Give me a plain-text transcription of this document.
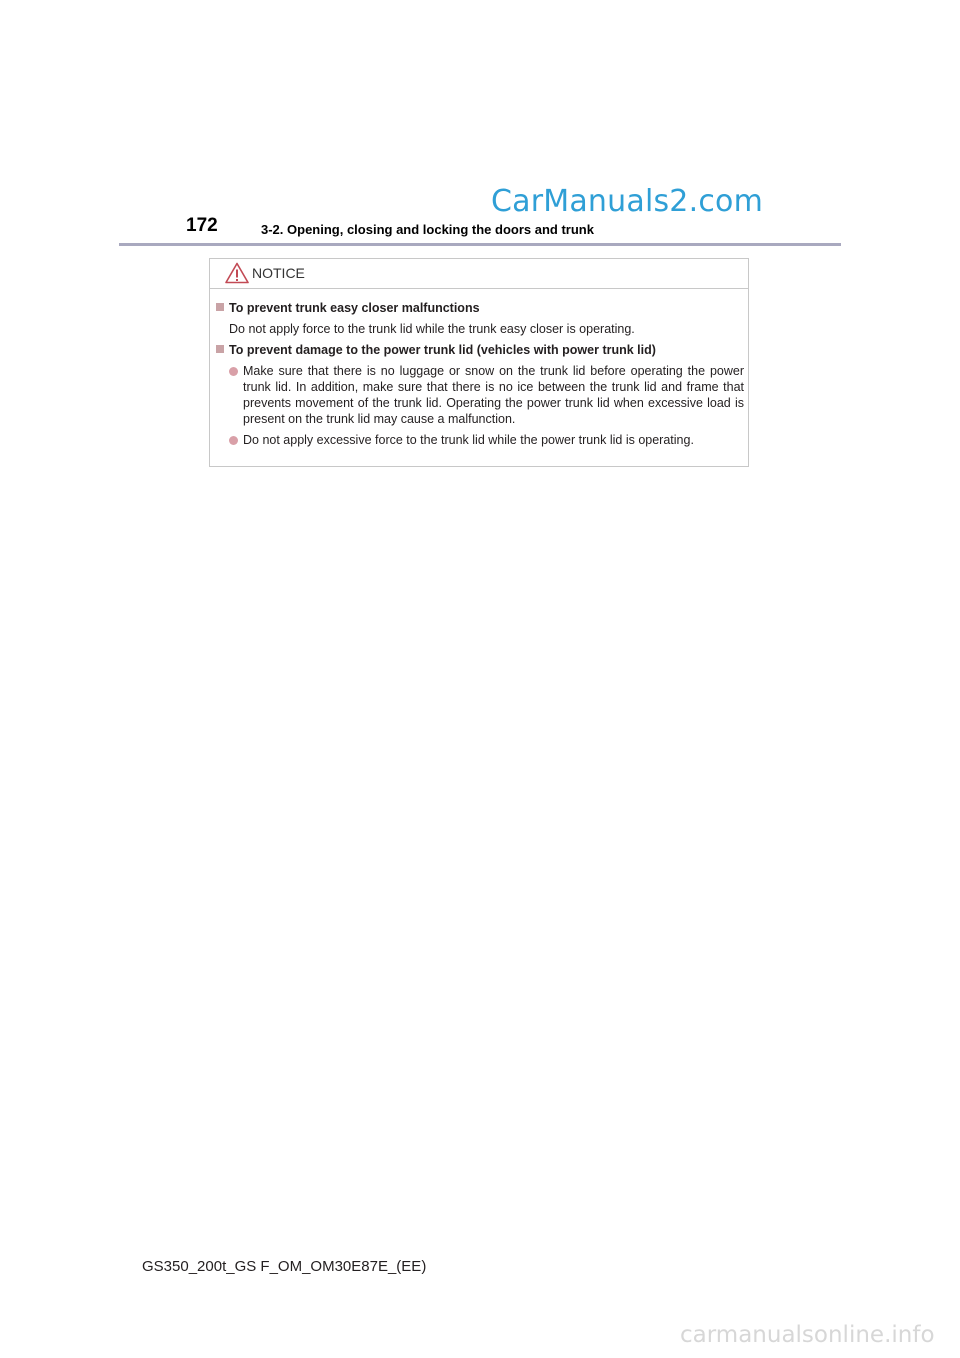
CarManuals2.com
172	3-2. Opening, closing and locking the doors and trunk
NOTICE
To prevent trunk easy closer malfunctions
Do not apply force to the trunk lid while the trunk easy closer is operating.
To prevent damage to the power trunk lid (vehicles with power trunk lid)
Make sure that there is no luggage or snow on the trunk lid before operating the power trunk lid. In addition, make sure that there is no ice between the trunk lid and frame that prevents movement of the trunk lid. Operating the power trunk lid when excessive load is present on the trunk lid may cause a malfunction.
Do not apply excessive force to the trunk lid while the power trunk lid is operating.
GS350_200t_GS F_OM_OM30E87E_(EE)
carmanualsonline.info
